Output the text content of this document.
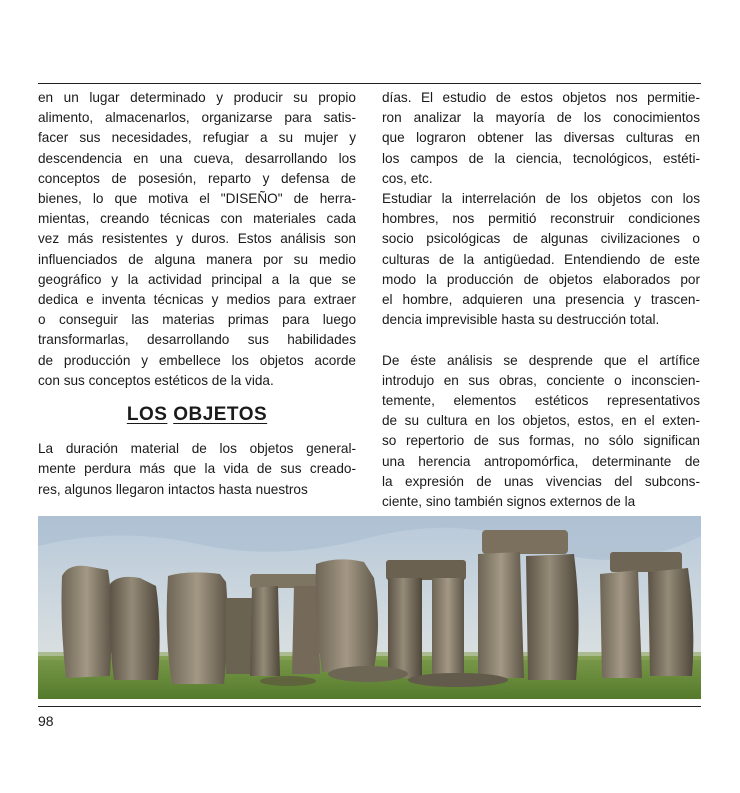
en un lugar determinado y producir su propio
alimento, almacenarlos, organizarse para satis-
facer sus necesidades, refugiar a su mujer y
descendencia en una cueva, desarrollando los
conceptos de posesión, reparto y defensa de
bienes, lo que motiva el "DISEÑO" de herra-
mientas, creando técnicas con materiales cada
vez más resistentes y duros. Estos análisis son
influenciados de alguna manera por su medio
geográfico y la actividad principal a la que se
dedica e inventa técnicas y medios para extraer
o conseguir las materias primas para luego
transformarlas, desarrollando sus habilidades
de producción y embellece los objetos acorde
con sus conceptos estéticos de la vida.
LOS OBJETOS
La duración material de los objetos general-
mente perdura más que la vida de sus creado-
res, algunos llegaron intactos hasta nuestros
días. El estudio de estos objetos nos permitie-
ron analizar la mayoría de los conocimientos
que lograron obtener las diversas culturas en
los campos de la ciencia, tecnológicos, estéti-
cos, etc.
Estudiar la interrelación de los objetos con los
hombres, nos permitió reconstruir condiciones
socio psicológicas de algunas civilizaciones o
culturas de la antigüedad. Entendiendo de este
modo la producción de objetos elaborados por
el hombre, adquieren una presencia y trascen-
dencia imprevisible hasta su destrucción total.
De éste análisis se desprende que el artífice
introdujo en sus obras, conciente o inconscien-
temente, elementos estéticos representativos
de su cultura en los objetos, estos, en el exten-
so repertorio de sus formas, no sólo significan
una herencia antropomórfica, determinante de
la expresión de unas vivencias del subcons-
ciente, sino también signos externos de la
98
